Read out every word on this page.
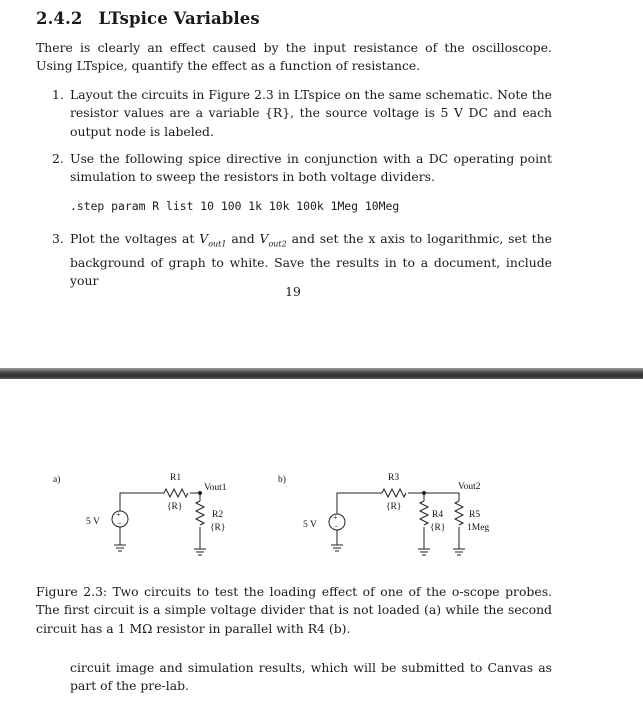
2.4.2 LTspice Variables

There is clearly an effect caused by the input resistance of the oscilloscope. Using LTspice, quantify the effect as a function of resistance.

1. Layout the circuits in Figure 2.3 in LTspice on the same schematic. Note the resistor values are a variable {R}, the source voltage is 5 V DC and each output node is labeled.

2. Use the following spice directive in conjunction with a DC operating point simulation to sweep the resistors in both voltage dividers.

.step param R list 10 100 1k 10k 100k 1Meg 10Meg
3. Plot the voltages at $V_{out1}$ and $V_{out2}$ and set the x axis to logarithmic, set the background of graph to white. Save the results in to a document, include your

19
+
−
+
−
a)
5 V
R1
{R}
Vout1
R2
{R}
b)
5 V
R3
{R}
Vout2
R4
{R}
R5
1Meg

Figure 2.3: Two circuits to test the loading effect of one of the o-scope probes. The first circuit is a simple voltage divider that is not loaded (a) while the second circuit has a 1 MΩ resistor in parallel with R4 (b).

circuit image and simulation results, which will be submitted to Canvas as part of the pre-lab.
